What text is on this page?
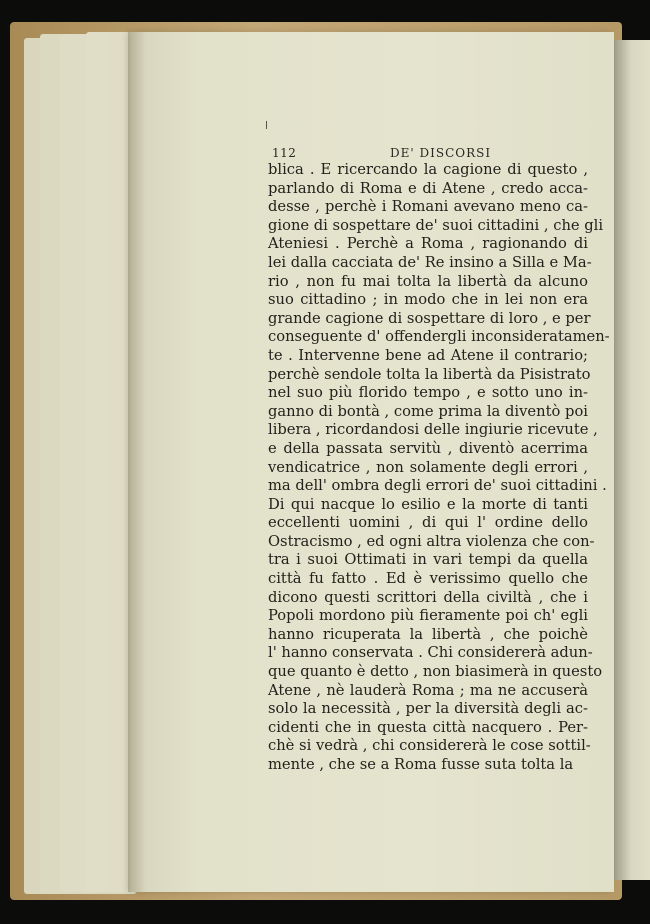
112	DE' DISCORSI
blica . E ricercando la cagione di questo ,
parlando di Roma e di Atene , credo acca-
desse , perchè i Romani avevano meno ca-
gione di sospettare de' suoi cittadini , che gli
Ateniesi . Perchè a Roma , ragionando di
lei dalla cacciata de' Re insino a Silla e Ma-
rio , non fu mai tolta la libertà da alcuno
suo cittadino ; in modo che in lei non era
grande cagione di sospettare di loro , e per
conseguente d' offendergli inconsideratamen-
te . Intervenne bene ad Atene il contrario;
perchè sendole tolta la libertà da Pisistrato
nel suo più florido tempo , e sotto uno in-
ganno di bontà , come prima la diventò poi
libera , ricordandosi delle ingiurie ricevute ,
e della passata servitù , diventò acerrima
vendicatrice , non solamente degli errori ,
ma dell' ombra degli errori de' suoi cittadini .
Di qui nacque lo esilio e la morte di tanti
eccellenti uomini , di qui l' ordine dello
Ostracismo , ed ogni altra violenza che con-
tra i suoi Ottimati in vari tempi da quella
città fu fatto . Ed è verissimo quello che
dicono questi scrittori della civiltà , che i
Popoli mordono più fieramente poi ch' egli
hanno ricuperata la libertà , che poichè
l' hanno conservata . Chi considererà adun-
que quanto è detto , non biasimerà in questo
Atene , nè lauderà Roma ; ma ne accuserà
solo la necessità , per la diversità degli ac-
cidenti che in questa città nacquero . Per-
chè si vedrà , chi considererà le cose sottil-
mente , che se a Roma fusse suta tolta la
